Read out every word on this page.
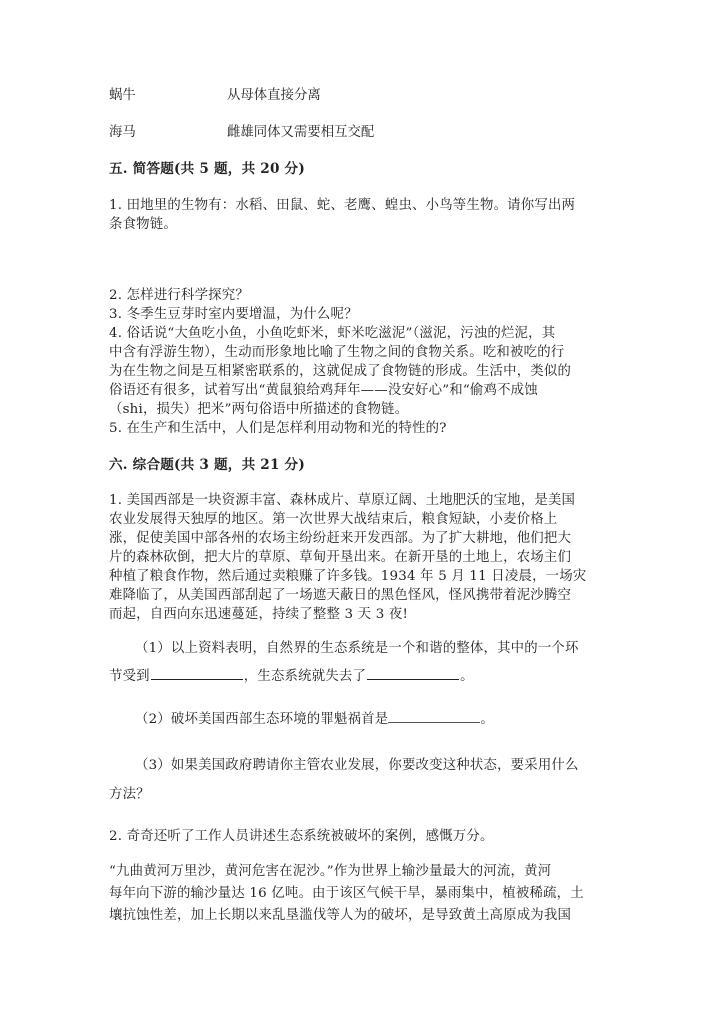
蜗牛	从母体直接分离
海马	雌雄同体又需要相互交配
五. 简答题(共 5 题，共 20 分)
1. 田地里的生物有：水稻、田鼠、蛇、老鹰、蝗虫、小鸟等生物。请你写出两
条食物链。
2. 怎样进行科学探究？
3. 冬季生豆芽时室内要增温，为什么呢？
4. 俗话说“大鱼吃小鱼，小鱼吃虾米，虾米吃滋泥”（滋泥，污浊的烂泥，其
中含有浮游生物），生动而形象地比喻了生物之间的食物关系。吃和被吃的行
为在生物之间是互相紧密联系的，这就促成了食物链的形成。生活中，类似的
俗语还有很多，试着写出“黄鼠狼给鸡拜年——没安好心”和“偷鸡不成蚀
（shi，损失）把米”两句俗语中所描述的食物链。
5. 在生产和生活中，人们是怎样利用动物和光的特性的?
六. 综合题(共 3 题，共 21 分)
1. 美国西部是一块资源丰富、森林成片、草原辽阔、土地肥沃的宝地，是美国
农业发展得天独厚的地区。第一次世界大战结束后，粮食短缺，小麦价格上
涨，促使美国中部各州的农场主纷纷赶来开发西部。为了扩大耕地，他们把大
片的森林砍倒，把大片的草原、草甸开垦出来。在新开垦的土地上，农场主们
种植了粮食作物，然后通过卖粮赚了许多钱。1934 年 5 月 11 日凌晨，一场灾
难降临了，从美国西部刮起了一场遮天蔽日的黑色怪风，怪风携带着泥沙腾空
而起，自西向东迅速蔓延，持续了整整 3 天 3 夜!
（1）以上资料表明，自然界的生态系统是一个和谐的整体，其中的一个环
节受到	，生态系统就失去了	。
（2）破坏美国西部生态环境的罪魁祸首是	。
（3）如果美国政府聘请你主管农业发展，你要改变这种状态，要采用什么
方法？
2. 奇奇还听了工作人员讲述生态系统被破坏的案例，感慨万分。
“九曲黄河万里沙，黄河危害在泥沙。”作为世界上输沙量最大的河流，黄河
每年向下游的输沙量达 16 亿吨。由于该区气候干旱，暴雨集中，植被稀疏，土
壤抗蚀性差，加上长期以来乱垦滥伐等人为的破坏，是导致黄土高原成为我国
